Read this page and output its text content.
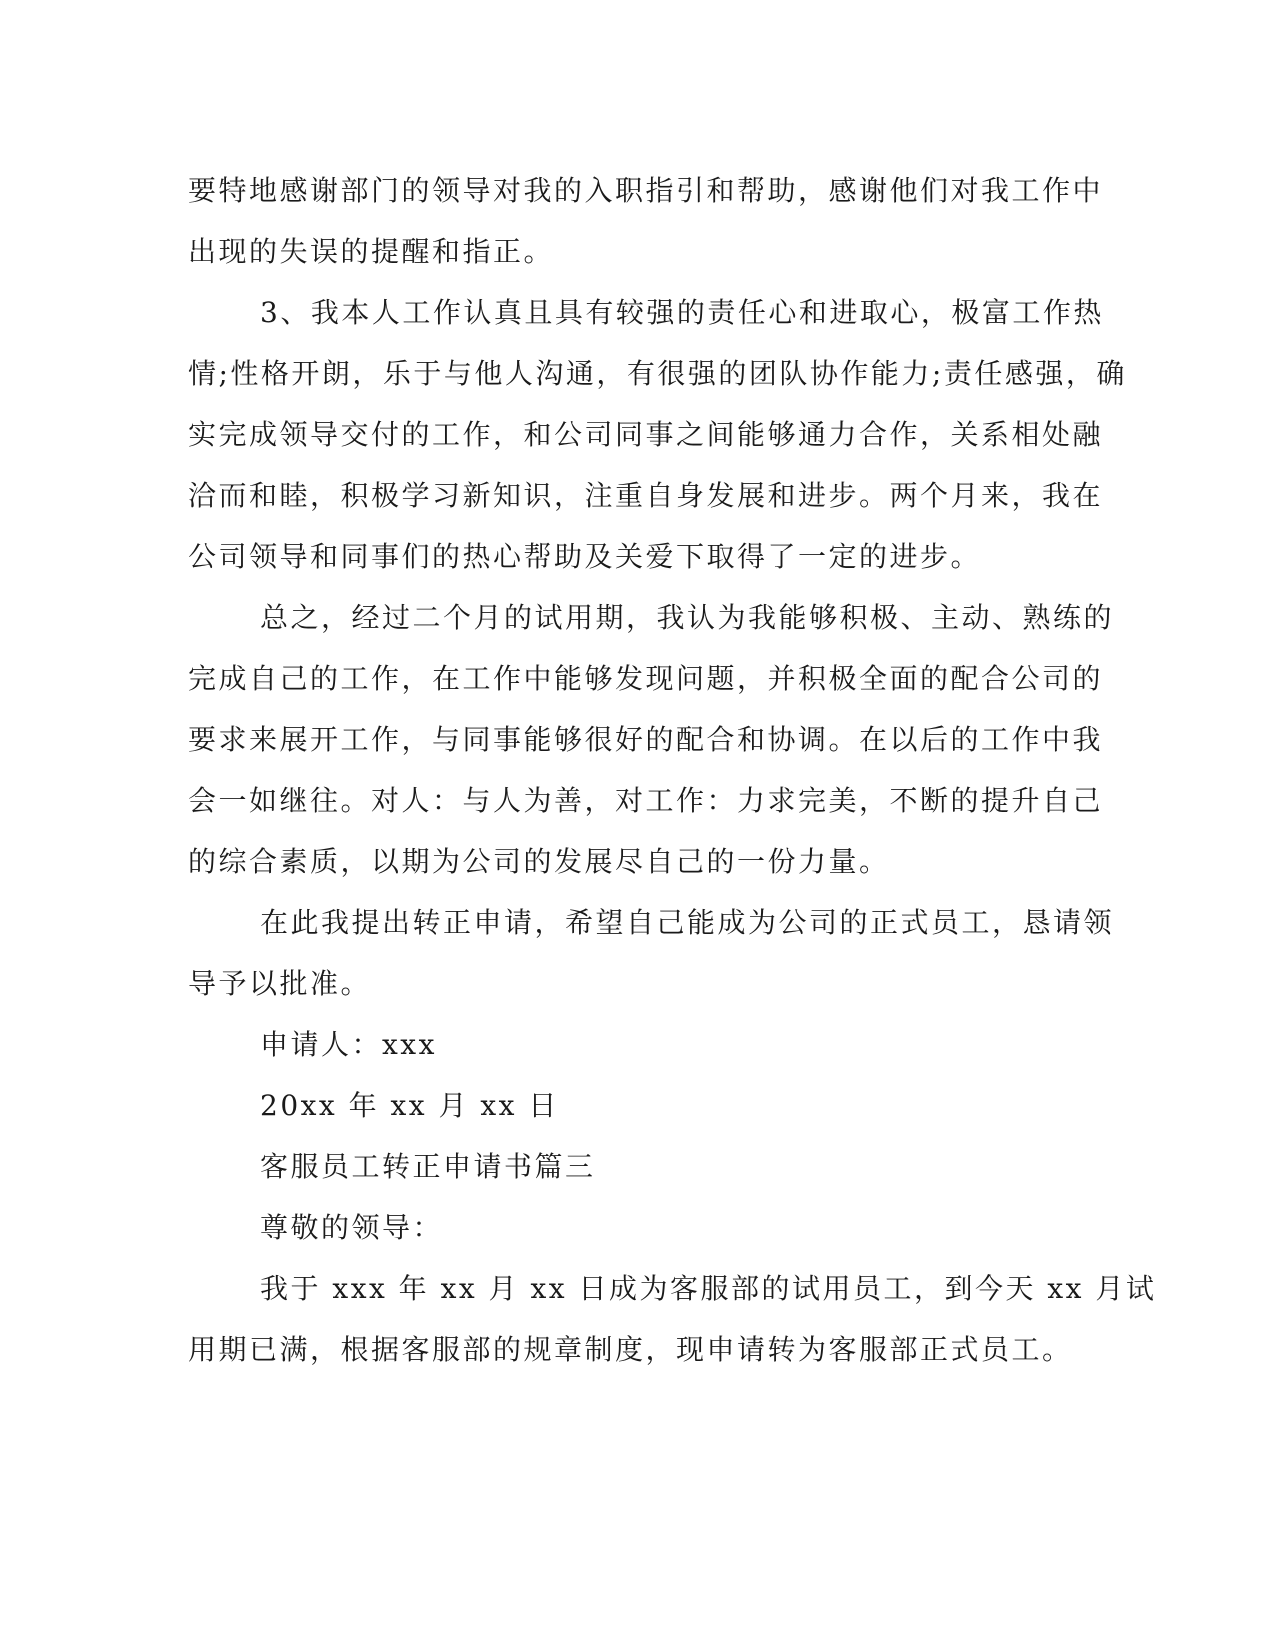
要特地感谢部门的领导对我的入职指引和帮助，感谢他们对我工作中
出现的失误的提醒和指正。
3、我本人工作认真且具有较强的责任心和进取心，极富工作热
情;性格开朗，乐于与他人沟通，有很强的团队协作能力;责任感强，确
实完成领导交付的工作，和公司同事之间能够通力合作，关系相处融
洽而和睦，积极学习新知识，注重自身发展和进步。两个月来，我在
公司领导和同事们的热心帮助及关爱下取得了一定的进步。
总之，经过二个月的试用期，我认为我能够积极、主动、熟练的
完成自己的工作，在工作中能够发现问题，并积极全面的配合公司的
要求来展开工作，与同事能够很好的配合和协调。在以后的工作中我
会一如继往。对人：与人为善，对工作：力求完美，不断的提升自己
的综合素质，以期为公司的发展尽自己的一份力量。
在此我提出转正申请，希望自己能成为公司的正式员工，恳请领
导予以批准。
申请人：xxx
20xx 年 xx 月 xx 日
客服员工转正申请书篇三
尊敬的领导：
我于 xxx 年 xx 月 xx 日成为客服部的试用员工，到今天 xx 月试
用期已满，根据客服部的规章制度，现申请转为客服部正式员工。
